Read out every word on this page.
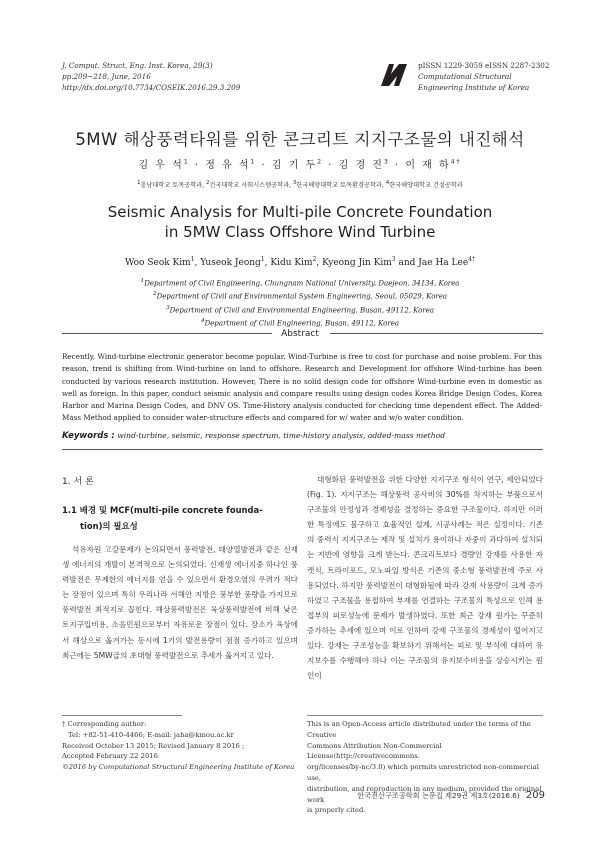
J. Comput. Struct. Eng. Inst. Korea, 29(3)
pp.209~218, June, 2016
http://dx.doi.org/10.7734/COSEIK.2016.29.3.209
pISSN 1229-3059 eISSN 2287-2302
Computational Structural
Engineering Institute of Korea
5MW 해상풍력타워를 위한 콘크리트 지지구조물의 내진해석
김 우 석$^1$ · 정 유 석$^1$ · 김 기 두$^2$ · 김 경 진$^3$ · 이 재 하$^{4\dagger}$
$^1$충남대학교 토목공학과, $^2$건국대학교 사회시스템공학과, $^3$한국해양대학교 토목환경공학과, $^4$한국해양대학교 건설공학과
Seismic Analysis for Multi-pile Concrete Foundation
in 5MW Class Offshore Wind Turbine
Woo Seok Kim$^1$, Yuseok Jeong$^1$, Kidu Kim$^2$, Kyeong Jin Kim$^3$ and Jae Ha Lee$^{4\dagger}$
$^1$Department of Civil Engineering, Chungnam National University, Daejeon, 34134, Korea
$^2$Department of Civil and Environmental System Engineering, Seoul, 05029, Korea
$^3$Department of Civil and Environmental Engineering, Busan, 49112, Korea
$^4$Department of Civil Engineering, Busan, 49112, Korea
Abstract
Recently, Wind-turbine electronic generator become popular. Wind-Turbine is free to cost for purchase and noise problem. For this reason, trend is shifting from Wind-turbine on land to offshore. Research and Development for offshore Wind-turbine has been conducted by various research institution. However, There is no solid design code for offshore Wind-turbine even in domestic as well as foreign. In this paper, conduct seismic analysis and compare results using design codes Korea Bridge Design Codes, Korea Harbor and Marina Design Codes, and DNV OS. Time-History analysis conducted for checking time dependent effect. The Added-Mass Method applied to consider water-structure effects and compared for w/ water and w/o water condition.
Keywords : wind-turbine, seismic, response spectrum, time-history analysis, added-mass method
1. 서 론
1.1 배경 및 MCF(multi-pile concrete founda-
tion)의 필요성
석유자원 고갈문제가 논의되면서 풍력발전, 태양열발전과 같은 신재생 에너지의 개발이 본격적으로 논의되었다. 신재생 에너지중 하나인 풍력발전은 무제한의 에너지를 얻을 수 있으면서 환경오염의 우려가 적다는 장점이 있으며 특히 우리나라 서해안 지방은 풍부한 풍량을 가지므로 풍력발전 최적지로 꼽힌다. 해상풍력발전은 육상풍력발전에 비해 낮은 토지구입비용, 소음민원으로부터 자유로운 장점이 있다. 장소가 육상에서 해상으로 옮겨가는 동시에 1기의 발전용량이 점점 증가하고 있으며 최근에는 5MW급의 초대형 풍력발전으로 추세가 옮겨지고 있다.
대형화된 풍력발전을 위한 다양한 지지구조 형식이 연구, 제안되었다(Fig. 1). 지지구조는 해상풍력 공사비의 30%를 차지하는 부품으로서 구조물의 안정성과 경제성을 결정하는 중요한 구조물이다. 하지만 이러한 특징에도 불구하고 효율적인 설계, 시공사례는 적은 실정이다. 기존의 중력식 지지구조는 제작 및 설치가 용이하나 자중이 과다하여 설치되는 지반에 영향을 크게 받는다. 콘크리트보다 경량인 강재를 사용한 자켓식, 트라이포드, 모노파일 방식은 기존의 중소형 풍력발전에 주로 사용되었다. 하지만 풍력발전이 대형화됨에 따라 강재 사용량이 크게 증가하였고 구조물을 용접하여 부재를 연결하는 구조물의 특성으로 인해 용접부의 피로성능에 문제가 발생하였다. 또한 최근 강재 원가는 꾸준히 증가하는 추세에 있으며 이로 인하여 강재 구조물의 경제성이 떨어지고 있다. 강재는 구조성능을 확보하기 위해서는 피로 및 부식에 대하여 유지보수를 수행해야 하나 이는 구조물의 유지보수비용을 상승시키는 원인이
† Corresponding author:
Tel: +82-51-410-4466; E-mail: jaha@kmou.ac.kr
Received October 13 2015; Revised January 8 2016 ;
Accepted February 22 2016
©2016 by Computational Structural Engineering Institute of Korea
This is an Open-Access article distributed under the terms of the Creative
Commons Attribution Non-Commercial License(http://creativecommons.
org/licenses/by-nc/3.0) which permits unrestricted non-commercial use,
distribution, and reproduction in any medium, provided the original work
is properly cited.
한국전산구조공학회 논문집 제29권 제3호(2016.6) 209
